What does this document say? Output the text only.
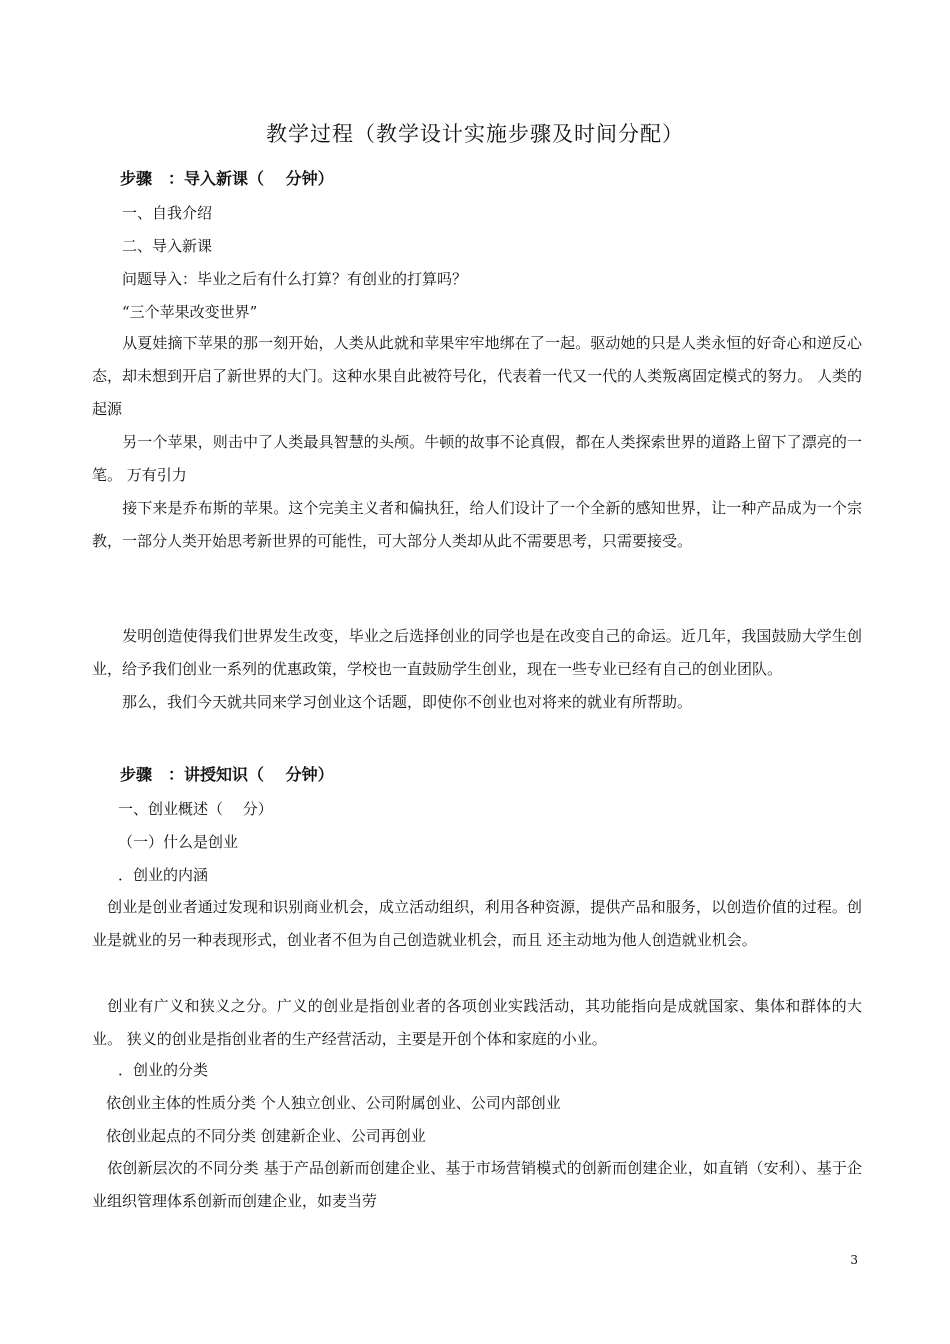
教学过程（教学设计实施步骤及时间分配）
步骤　：导入新课（　 分钟）
一、自我介绍
二、导入新课
问题导入：毕业之后有什么打算？有创业的打算吗？
“三个苹果改变世界”
　　从夏娃摘下苹果的那一刻开始，人类从此就和苹果牢牢地绑在了一起。驱动她的只是人类永恒的好奇心和逆反心态，却未想到开启了新世界的大门。这种水果自此被符号化，代表着一代又一代的人类叛离固定模式的努力。 人类的起源
　　另一个苹果，则击中了人类最具智慧的头颅。牛顿的故事不论真假，都在人类探索世界的道路上留下了漂亮的一笔。 万有引力
　　接下来是乔布斯的苹果。这个完美主义者和偏执狂，给人们设计了一个全新的感知世界，让一种产品成为一个宗教，一部分人类开始思考新世界的可能性，可大部分人类却从此不需要思考，只需要接受。
　　发明创造使得我们世界发生改变，毕业之后选择创业的同学也是在改变自己的命运。近几年，我国鼓励大学生创业，给予我们创业一系列的优惠政策，学校也一直鼓励学生创业，现在一些专业已经有自己的创业团队。
　　那么，我们今天就共同来学习创业这个话题，即使你不创业也对将来的就业有所帮助。
步骤　：讲授知识（　 分钟）
一、创业概述（　 分）
（一）什么是创业
．创业的内涵
　创业是创业者通过发现和识别商业机会，成立活动组织，利用各种资源，提供产品和服务，以创造价值的过程。创业是就业的另一种表现形式，创业者不但为自己创造就业机会，而且 还主动地为他人创造就业机会。
　创业有广义和狭义之分。广义的创业是指创业者的各项创业实践活动，其功能指向是成就国家、集体和群体的大业。 狭义的创业是指创业者的生产经营活动，主要是开创个体和家庭的小业。
．创业的分类
依创业主体的性质分类 个人独立创业、公司附属创业、公司内部创业
依创业起点的不同分类 创建新企业、公司再创业
　依创新层次的不同分类 基于产品创新而创建企业、基于市场营销模式的创新而创建企业，如直销（安利）、基于企业组织管理体系创新而创建企业，如麦当劳
3
